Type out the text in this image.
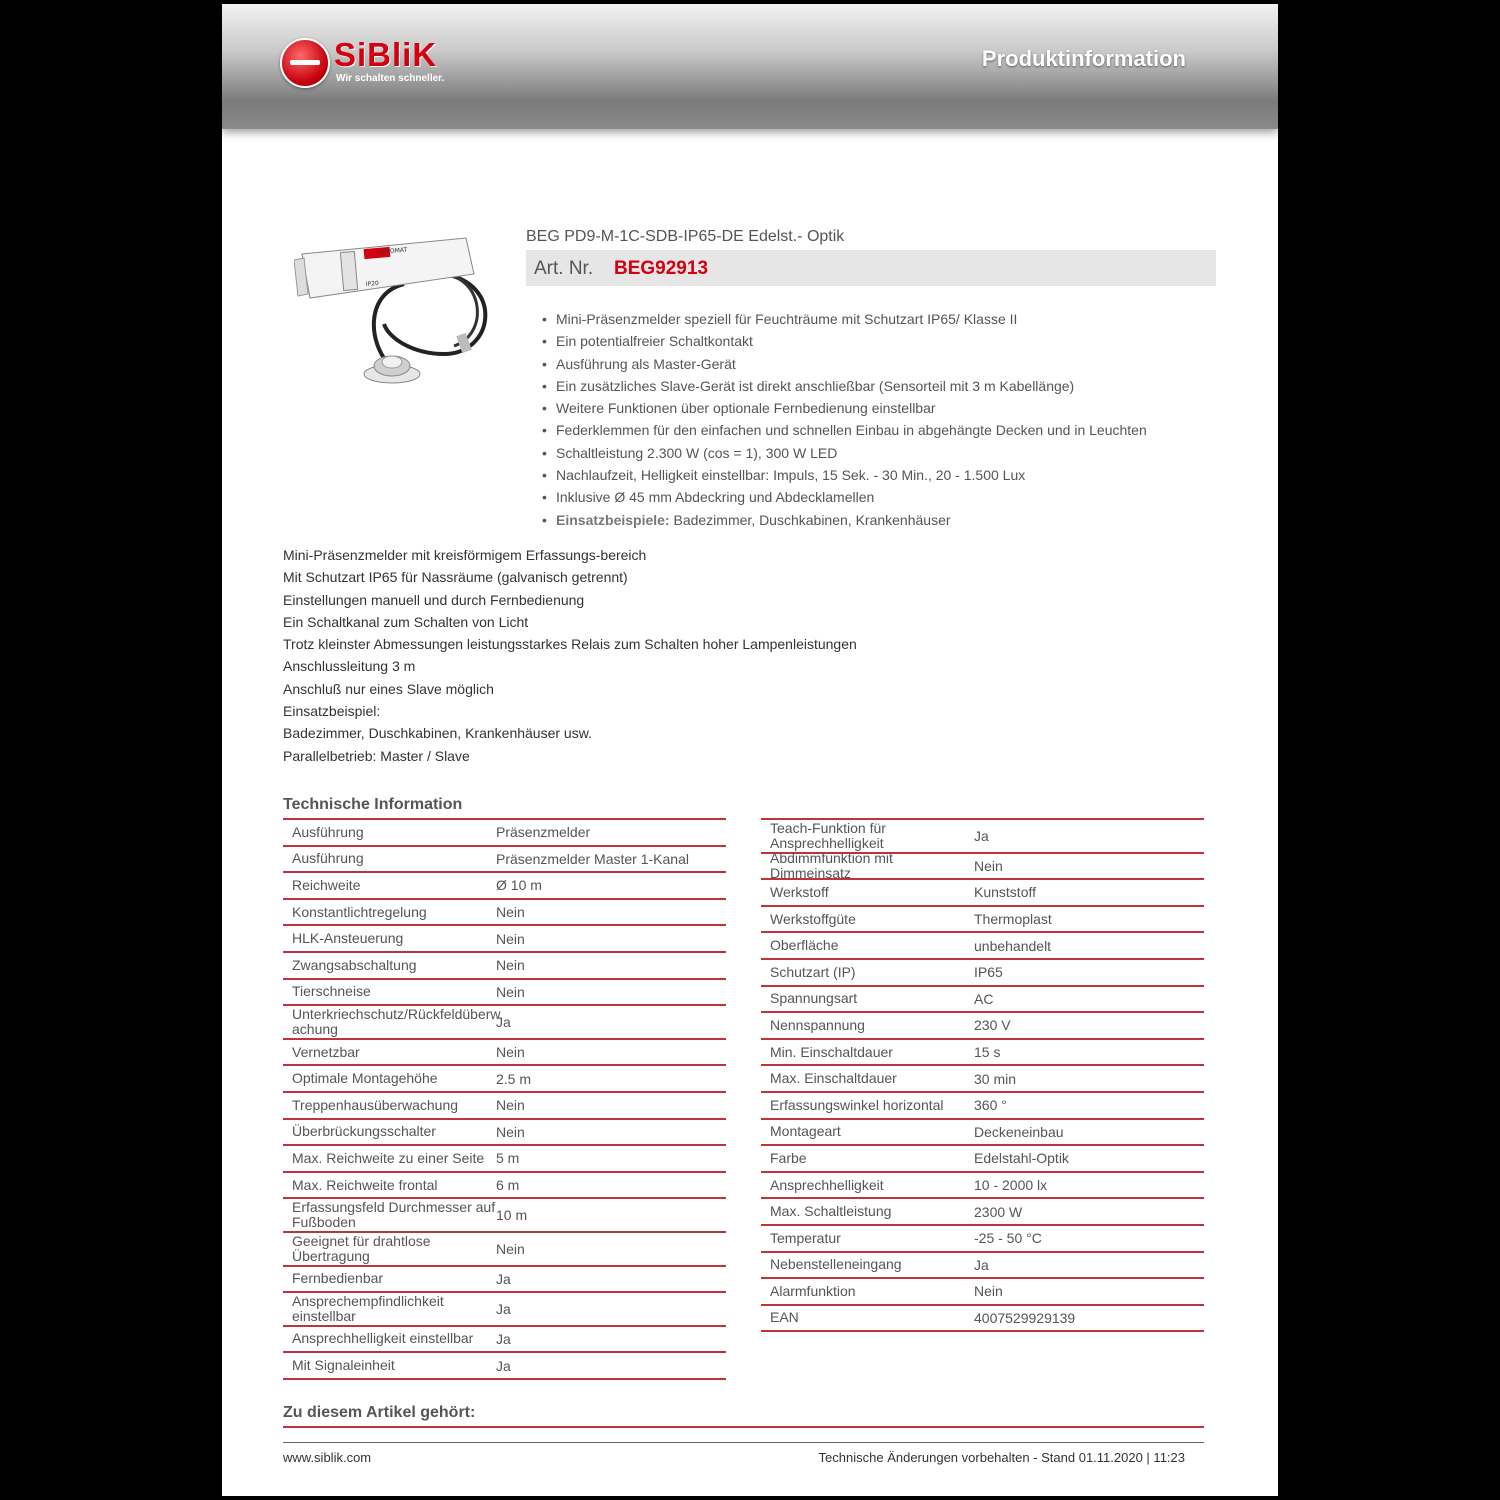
SiBliK
Wir schalten schneller.
Produktinformation
LUXOMAT
IP20
BEG PD9-M-1C-SDB-IP65-DE Edelst.- Optik
Art. Nr. BEG92913
• Mini-Präsenzmelder speziell für Feuchträume mit Schutzart IP65/ Klasse II
• Ein potentialfreier Schaltkontakt
• Ausführung als Master-Gerät
• Ein zusätzliches Slave-Gerät ist direkt anschließbar (Sensorteil mit 3 m Kabellänge)
• Weitere Funktionen über optionale Fernbedienung einstellbar
• Federklemmen für den einfachen und schnellen Einbau in abgehängte Decken und in Leuchten
• Schaltleistung 2.300 W (cos = 1), 300 W LED
• Nachlaufzeit, Helligkeit einstellbar: Impuls, 15 Sek. - 30 Min., 20 - 1.500 Lux
• Inklusive Ø 45 mm Abdeckring und Abdecklamellen
• Einsatzbeispiele: Badezimmer, Duschkabinen, Krankenhäuser
Mini-Präsenzmelder mit kreisförmigem Erfassungs-bereich
Mit Schutzart IP65 für Nassräume (galvanisch getrennt)
Einstellungen manuell und durch Fernbedienung
Ein Schaltkanal zum Schalten von Licht
Trotz kleinster Abmessungen leistungsstarkes Relais zum Schalten hoher Lampenleistungen
Anschlussleitung 3 m
Anschluß nur eines Slave möglich
Einsatzbeispiel:
Badezimmer, Duschkabinen, Krankenhäuser usw.
Parallelbetrieb: Master / Slave
Technische Information
Ausführung	Präsenzmelder
Ausführung	Präsenzmelder Master 1-Kanal
Reichweite	Ø 10 m
Konstantlichtregelung	Nein
HLK-Ansteuerung	Nein
Zwangsabschaltung	Nein
Tierschneise	Nein
Unterkriechschutz/Rückfeldüberw achung	Ja
Vernetzbar	Nein
Optimale Montagehöhe	2.5 m
Treppenhausüberwachung	Nein
Überbrückungsschalter	Nein
Max. Reichweite zu einer Seite 5 m
Max. Reichweite frontal	6 m
Erfassungsfeld Durchmesser auf Fußboden	10 m
Geeignet für drahtlose Übertragung	Nein
Fernbedienbar	Ja
Ansprechempfindlichkeit einstellbar	Ja
Ansprechhelligkeit einstellbar	Ja
Mit Signaleinheit	Ja
Teach-Funktion für Ansprechhelligkeit	Ja
Abdimmfunktion mit Dimmeinsatz	Nein
Werkstoff	Kunststoff
Werkstoffgüte	Thermoplast
Oberfläche	unbehandelt
Schutzart (IP)	IP65
Spannungsart	AC
Nennspannung	230 V
Min. Einschaltdauer	15 s
Max. Einschaltdauer	30 min
Erfassungswinkel horizontal	360 °
Montageart	Deckeneinbau
Farbe	Edelstahl-Optik
Ansprechhelligkeit	10 - 2000 lx
Max. Schaltleistung	2300 W
Temperatur	-25 - 50 °C
Nebenstelleneingang	Ja
Alarmfunktion	Nein
EAN	4007529929139
Zu diesem Artikel gehört:
www.siblik.com	Technische Änderungen vorbehalten - Stand 01.11.2020 | 11:23
